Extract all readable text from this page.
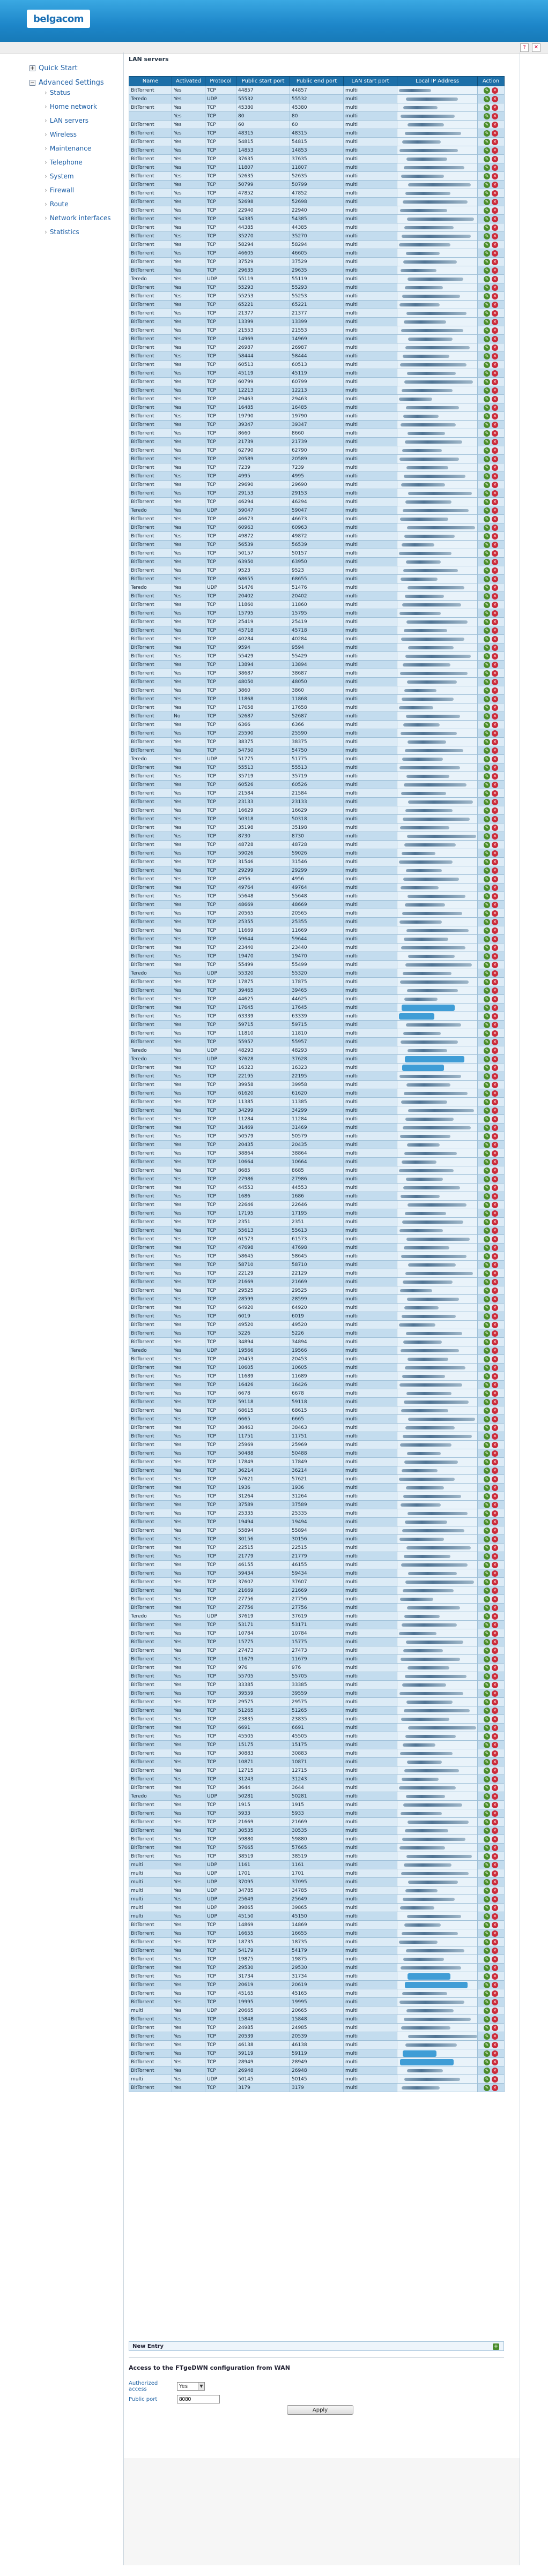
belgacom
?	✕
+ Quick Start
− Advanced Settings
› Status
› Home network
› LAN servers
› Wireless
› Maintenance
› Telephone
› System
› Firewall
› Route
› Network interfaces
› Statistics
LAN servers
Name	Activated	Protocol	Public start port	Public end port	LAN start port	Local IP Address	Action
BitTorrent	Yes	TCP	44857	44857	multi		✎ ✕

Teredo	Yes	UDP	55532	55532	multi		✎ ✕

BitTorrent	Yes	TCP	45380	45380	multi		✎ ✕

	Yes	TCP	80	80	multi		✎ ✕

BitTorrent	Yes	TCP	60	60	multi		✎ ✕

BitTorrent	Yes	TCP	48315	48315	multi		✎ ✕

BitTorrent	Yes	TCP	54815	54815	multi		✎ ✕

BitTorrent	Yes	TCP	14853	14853	multi		✎ ✕

BitTorrent	Yes	TCP	37635	37635	multi		✎ ✕

BitTorrent	Yes	TCP	11807	11807	multi		✎ ✕

BitTorrent	Yes	TCP	52635	52635	multi		✎ ✕

BitTorrent	Yes	TCP	50799	50799	multi		✎ ✕

BitTorrent	Yes	TCP	47852	47852	multi		✎ ✕

BitTorrent	Yes	TCP	52698	52698	multi		✎ ✕

BitTorrent	Yes	TCP	22940	22940	multi		✎ ✕

BitTorrent	Yes	TCP	54385	54385	multi		✎ ✕

BitTorrent	Yes	TCP	44385	44385	multi		✎ ✕

BitTorrent	Yes	TCP	35270	35270	multi		✎ ✕

BitTorrent	Yes	TCP	58294	58294	multi		✎ ✕

BitTorrent	Yes	TCP	46605	46605	multi		✎ ✕

BitTorrent	Yes	TCP	37529	37529	multi		✎ ✕

BitTorrent	Yes	TCP	29635	29635	multi		✎ ✕

Teredo	Yes	UDP	55119	55119	multi		✎ ✕

BitTorrent	Yes	TCP	55293	55293	multi		✎ ✕

BitTorrent	Yes	TCP	55253	55253	multi		✎ ✕

BitTorrent	Yes	TCP	65221	65221	multi		✎ ✕

BitTorrent	Yes	TCP	21377	21377	multi		✎ ✕

BitTorrent	Yes	TCP	13399	13399	multi		✎ ✕

BitTorrent	Yes	TCP	21553	21553	multi		✎ ✕

BitTorrent	Yes	TCP	14969	14969	multi		✎ ✕

BitTorrent	Yes	TCP	26987	26987	multi		✎ ✕

BitTorrent	Yes	TCP	58444	58444	multi		✎ ✕

BitTorrent	Yes	TCP	60513	60513	multi		✎ ✕

BitTorrent	Yes	TCP	45119	45119	multi		✎ ✕

BitTorrent	Yes	TCP	60799	60799	multi		✎ ✕

BitTorrent	Yes	TCP	12213	12213	multi		✎ ✕

BitTorrent	Yes	TCP	29463	29463	multi		✎ ✕

BitTorrent	Yes	TCP	16485	16485	multi		✎ ✕

BitTorrent	Yes	TCP	19790	19790	multi		✎ ✕

BitTorrent	Yes	TCP	39347	39347	multi		✎ ✕

BitTorrent	Yes	TCP	8660	8660	multi		✎ ✕

BitTorrent	Yes	TCP	21739	21739	multi		✎ ✕

BitTorrent	Yes	TCP	62790	62790	multi		✎ ✕

BitTorrent	Yes	TCP	20589	20589	multi		✎ ✕

BitTorrent	Yes	TCP	7239	7239	multi		✎ ✕

BitTorrent	Yes	TCP	4995	4995	multi		✎ ✕

BitTorrent	Yes	TCP	29690	29690	multi		✎ ✕

BitTorrent	Yes	TCP	29153	29153	multi		✎ ✕

BitTorrent	Yes	TCP	46294	46294	multi		✎ ✕

Teredo	Yes	UDP	59047	59047	multi		✎ ✕

BitTorrent	Yes	TCP	46673	46673	multi		✎ ✕

BitTorrent	Yes	TCP	60963	60963	multi		✎ ✕

BitTorrent	Yes	TCP	49872	49872	multi		✎ ✕

BitTorrent	Yes	TCP	56539	56539	multi		✎ ✕

BitTorrent	Yes	TCP	50157	50157	multi		✎ ✕

BitTorrent	Yes	TCP	63950	63950	multi		✎ ✕

BitTorrent	Yes	TCP	9523	9523	multi		✎ ✕

BitTorrent	Yes	TCP	68655	68655	multi		✎ ✕

Teredo	Yes	UDP	51476	51476	multi		✎ ✕

BitTorrent	Yes	TCP	20402	20402	multi		✎ ✕

BitTorrent	Yes	TCP	11860	11860	multi		✎ ✕

BitTorrent	Yes	TCP	15795	15795	multi		✎ ✕

BitTorrent	Yes	TCP	25419	25419	multi		✎ ✕

BitTorrent	Yes	TCP	45718	45718	multi		✎ ✕

BitTorrent	Yes	TCP	40284	40284	multi		✎ ✕

BitTorrent	Yes	TCP	9594	9594	multi		✎ ✕

BitTorrent	Yes	TCP	55429	55429	multi		✎ ✕

BitTorrent	Yes	TCP	13894	13894	multi		✎ ✕

BitTorrent	Yes	TCP	38687	38687	multi		✎ ✕

BitTorrent	Yes	TCP	48050	48050	multi		✎ ✕

BitTorrent	Yes	TCP	3860	3860	multi		✎ ✕

BitTorrent	Yes	TCP	11868	11868	multi		✎ ✕

BitTorrent	Yes	TCP	17658	17658	multi		✎ ✕

BitTorrent	No	TCP	52687	52687	multi		✎ ✕

BitTorrent	Yes	TCP	6366	6366	multi		✎ ✕

BitTorrent	Yes	TCP	25590	25590	multi		✎ ✕

BitTorrent	Yes	TCP	38375	38375	multi		✎ ✕

BitTorrent	Yes	TCP	54750	54750	multi		✎ ✕

Teredo	Yes	UDP	51775	51775	multi		✎ ✕

BitTorrent	Yes	TCP	55513	55513	multi		✎ ✕

BitTorrent	Yes	TCP	35719	35719	multi		✎ ✕

BitTorrent	Yes	TCP	60526	60526	multi		✎ ✕

BitTorrent	Yes	TCP	21584	21584	multi		✎ ✕

BitTorrent	Yes	TCP	23133	23133	multi		✎ ✕

BitTorrent	Yes	TCP	16629	16629	multi		✎ ✕

BitTorrent	Yes	TCP	50318	50318	multi		✎ ✕

BitTorrent	Yes	TCP	35198	35198	multi		✎ ✕

BitTorrent	Yes	TCP	8730	8730	multi		✎ ✕

BitTorrent	Yes	TCP	48728	48728	multi		✎ ✕

BitTorrent	Yes	TCP	59026	59026	multi		✎ ✕

BitTorrent	Yes	TCP	31546	31546	multi		✎ ✕

BitTorrent	Yes	TCP	29299	29299	multi		✎ ✕

BitTorrent	Yes	TCP	4956	4956	multi		✎ ✕

BitTorrent	Yes	TCP	49764	49764	multi		✎ ✕

BitTorrent	Yes	TCP	55648	55648	multi		✎ ✕

BitTorrent	Yes	TCP	48669	48669	multi		✎ ✕

BitTorrent	Yes	TCP	20565	20565	multi		✎ ✕

BitTorrent	Yes	TCP	25355	25355	multi		✎ ✕

BitTorrent	Yes	TCP	11669	11669	multi		✎ ✕

BitTorrent	Yes	TCP	59644	59644	multi		✎ ✕

BitTorrent	Yes	TCP	23440	23440	multi		✎ ✕

BitTorrent	Yes	TCP	19470	19470	multi		✎ ✕

BitTorrent	Yes	TCP	55499	55499	multi		✎ ✕

Teredo	Yes	UDP	55320	55320	multi		✎ ✕

BitTorrent	Yes	TCP	17875	17875	multi		✎ ✕

BitTorrent	Yes	TCP	39465	39465	multi		✎ ✕

BitTorrent	Yes	TCP	44625	44625	multi		✎ ✕

BitTorrent	Yes	TCP	17645	17645	multi		✎ ✕

BitTorrent	Yes	TCP	63339	63339	multi		✎ ✕

BitTorrent	Yes	TCP	59715	59715	multi		✎ ✕

BitTorrent	Yes	TCP	11810	11810	multi		✎ ✕

BitTorrent	Yes	TCP	55957	55957	multi		✎ ✕

Teredo	Yes	UDP	48293	48293	multi		✎ ✕

Teredo	Yes	UDP	37628	37628	multi		✎ ✕

BitTorrent	Yes	TCP	16323	16323	multi		✎ ✕

BitTorrent	Yes	TCP	22195	22195	multi		✎ ✕

BitTorrent	Yes	TCP	39958	39958	multi		✎ ✕

BitTorrent	Yes	TCP	61620	61620	multi		✎ ✕

BitTorrent	Yes	TCP	11385	11385	multi		✎ ✕

BitTorrent	Yes	TCP	34299	34299	multi		✎ ✕

BitTorrent	Yes	TCP	11284	11284	multi		✎ ✕

BitTorrent	Yes	TCP	31469	31469	multi		✎ ✕

BitTorrent	Yes	TCP	50579	50579	multi		✎ ✕

BitTorrent	Yes	TCP	20435	20435	multi		✎ ✕

BitTorrent	Yes	TCP	38864	38864	multi		✎ ✕

BitTorrent	Yes	TCP	10664	10664	multi		✎ ✕

BitTorrent	Yes	TCP	8685	8685	multi		✎ ✕

BitTorrent	Yes	TCP	27986	27986	multi		✎ ✕

BitTorrent	Yes	TCP	44553	44553	multi		✎ ✕

BitTorrent	Yes	TCP	1686	1686	multi		✎ ✕

BitTorrent	Yes	TCP	22646	22646	multi		✎ ✕

BitTorrent	Yes	TCP	17195	17195	multi		✎ ✕

BitTorrent	Yes	TCP	2351	2351	multi		✎ ✕

BitTorrent	Yes	TCP	55613	55613	multi		✎ ✕

BitTorrent	Yes	TCP	61573	61573	multi		✎ ✕

BitTorrent	Yes	TCP	47698	47698	multi		✎ ✕

BitTorrent	Yes	TCP	58645	58645	multi		✎ ✕

BitTorrent	Yes	TCP	58710	58710	multi		✎ ✕

BitTorrent	Yes	TCP	22129	22129	multi		✎ ✕

BitTorrent	Yes	TCP	21669	21669	multi		✎ ✕

BitTorrent	Yes	TCP	29525	29525	multi		✎ ✕

BitTorrent	Yes	TCP	28599	28599	multi		✎ ✕

BitTorrent	Yes	TCP	64920	64920	multi		✎ ✕

BitTorrent	Yes	TCP	6019	6019	multi		✎ ✕

BitTorrent	Yes	TCP	49520	49520	multi		✎ ✕

BitTorrent	Yes	TCP	5226	5226	multi		✎ ✕

BitTorrent	Yes	TCP	34894	34894	multi		✎ ✕

Teredo	Yes	UDP	19566	19566	multi		✎ ✕

BitTorrent	Yes	TCP	20453	20453	multi		✎ ✕

BitTorrent	Yes	TCP	10605	10605	multi		✎ ✕

BitTorrent	Yes	TCP	11689	11689	multi		✎ ✕

BitTorrent	Yes	TCP	16426	16426	multi		✎ ✕

BitTorrent	Yes	TCP	6678	6678	multi		✎ ✕

BitTorrent	Yes	TCP	59118	59118	multi		✎ ✕

BitTorrent	Yes	TCP	68615	68615	multi		✎ ✕

BitTorrent	Yes	TCP	6665	6665	multi		✎ ✕

BitTorrent	Yes	TCP	38463	38463	multi		✎ ✕

BitTorrent	Yes	TCP	11751	11751	multi		✎ ✕

BitTorrent	Yes	TCP	25969	25969	multi		✎ ✕

BitTorrent	Yes	TCP	50488	50488	multi		✎ ✕

BitTorrent	Yes	TCP	17849	17849	multi		✎ ✕

BitTorrent	Yes	TCP	36214	36214	multi		✎ ✕

BitTorrent	Yes	TCP	57621	57621	multi		✎ ✕

BitTorrent	Yes	TCP	1936	1936	multi		✎ ✕

BitTorrent	Yes	TCP	31264	31264	multi		✎ ✕

BitTorrent	Yes	TCP	37589	37589	multi		✎ ✕

BitTorrent	Yes	TCP	25335	25335	multi		✎ ✕

BitTorrent	Yes	TCP	19494	19494	multi		✎ ✕

BitTorrent	Yes	TCP	55894	55894	multi		✎ ✕

BitTorrent	Yes	TCP	30156	30156	multi		✎ ✕

BitTorrent	Yes	TCP	22515	22515	multi		✎ ✕

BitTorrent	Yes	TCP	21779	21779	multi		✎ ✕

BitTorrent	Yes	TCP	46155	46155	multi		✎ ✕

BitTorrent	Yes	TCP	59434	59434	multi		✎ ✕

BitTorrent	Yes	TCP	37607	37607	multi		✎ ✕

BitTorrent	Yes	TCP	21669	21669	multi		✎ ✕

BitTorrent	Yes	TCP	27756	27756	multi		✎ ✕

BitTorrent	Yes	TCP	27756	27756	multi		✎ ✕

Teredo	Yes	UDP	37619	37619	multi		✎ ✕

BitTorrent	Yes	TCP	53171	53171	multi		✎ ✕

BitTorrent	Yes	TCP	10784	10784	multi		✎ ✕

BitTorrent	Yes	TCP	15775	15775	multi		✎ ✕

BitTorrent	Yes	TCP	27473	27473	multi		✎ ✕

BitTorrent	Yes	TCP	11679	11679	multi		✎ ✕

BitTorrent	Yes	TCP	976	976	multi		✎ ✕

BitTorrent	Yes	TCP	55705	55705	multi		✎ ✕

BitTorrent	Yes	TCP	33385	33385	multi		✎ ✕

BitTorrent	Yes	TCP	39559	39559	multi		✎ ✕

BitTorrent	Yes	TCP	29575	29575	multi		✎ ✕

BitTorrent	Yes	TCP	51265	51265	multi		✎ ✕

BitTorrent	Yes	TCP	23835	23835	multi		✎ ✕

BitTorrent	Yes	TCP	6691	6691	multi		✎ ✕

BitTorrent	Yes	TCP	45505	45505	multi		✎ ✕

BitTorrent	Yes	TCP	15175	15175	multi		✎ ✕

BitTorrent	Yes	TCP	30883	30883	multi		✎ ✕

BitTorrent	Yes	TCP	10871	10871	multi		✎ ✕

BitTorrent	Yes	TCP	12715	12715	multi		✎ ✕

BitTorrent	Yes	TCP	31243	31243	multi		✎ ✕

BitTorrent	Yes	TCP	3644	3644	multi		✎ ✕

Teredo	Yes	UDP	50281	50281	multi		✎ ✕

BitTorrent	Yes	TCP	1915	1915	multi		✎ ✕

BitTorrent	Yes	TCP	5933	5933	multi		✎ ✕

BitTorrent	Yes	TCP	21669	21669	multi		✎ ✕

BitTorrent	Yes	TCP	30535	30535	multi		✎ ✕

BitTorrent	Yes	TCP	59880	59880	multi		✎ ✕

BitTorrent	Yes	TCP	57665	57665	multi		✎ ✕

BitTorrent	Yes	TCP	38519	38519	multi		✎ ✕

multi	Yes	UDP	1161	1161	multi		✎ ✕

multi	Yes	UDP	1701	1701	multi		✎ ✕

multi	Yes	UDP	37095	37095	multi		✎ ✕

multi	Yes	UDP	34785	34785	multi		✎ ✕

multi	Yes	UDP	25649	25649	multi		✎ ✕

multi	Yes	UDP	39865	39865	multi		✎ ✕

multi	Yes	UDP	45150	45150	multi		✎ ✕

BitTorrent	Yes	TCP	14869	14869	multi		✎ ✕

BitTorrent	Yes	TCP	16655	16655	multi		✎ ✕

BitTorrent	Yes	TCP	18735	18735	multi		✎ ✕

BitTorrent	Yes	TCP	54179	54179	multi		✎ ✕

BitTorrent	Yes	TCP	19875	19875	multi		✎ ✕

BitTorrent	Yes	TCP	29530	29530	multi		✎ ✕

BitTorrent	Yes	TCP	31734	31734	multi		✎ ✕

BitTorrent	Yes	TCP	20619	20619	multi		✎ ✕

BitTorrent	Yes	TCP	45165	45165	multi		✎ ✕

BitTorrent	Yes	TCP	19995	19995	multi		✎ ✕

multi	Yes	UDP	20665	20665	multi		✎ ✕

BitTorrent	Yes	TCP	15848	15848	multi		✎ ✕

BitTorrent	Yes	TCP	24985	24985	multi		✎ ✕

BitTorrent	Yes	TCP	20539	20539	multi		✎ ✕

BitTorrent	Yes	TCP	46138	46138	multi		✎ ✕

BitTorrent	Yes	TCP	59119	59119	multi		✎ ✕

BitTorrent	Yes	TCP	28949	28949	multi		✎ ✕

BitTorrent	Yes	TCP	26948	26948	multi		✎ ✕

multi	Yes	UDP	50145	50145	multi		✎ ✕

BitTorrent	Yes	TCP	3179	3179	multi		✎ ✕
New Entry	+
Access to the FTgeDWN configuration from WAN
Authorized access	Yes	▼
Public port
8080
Apply
